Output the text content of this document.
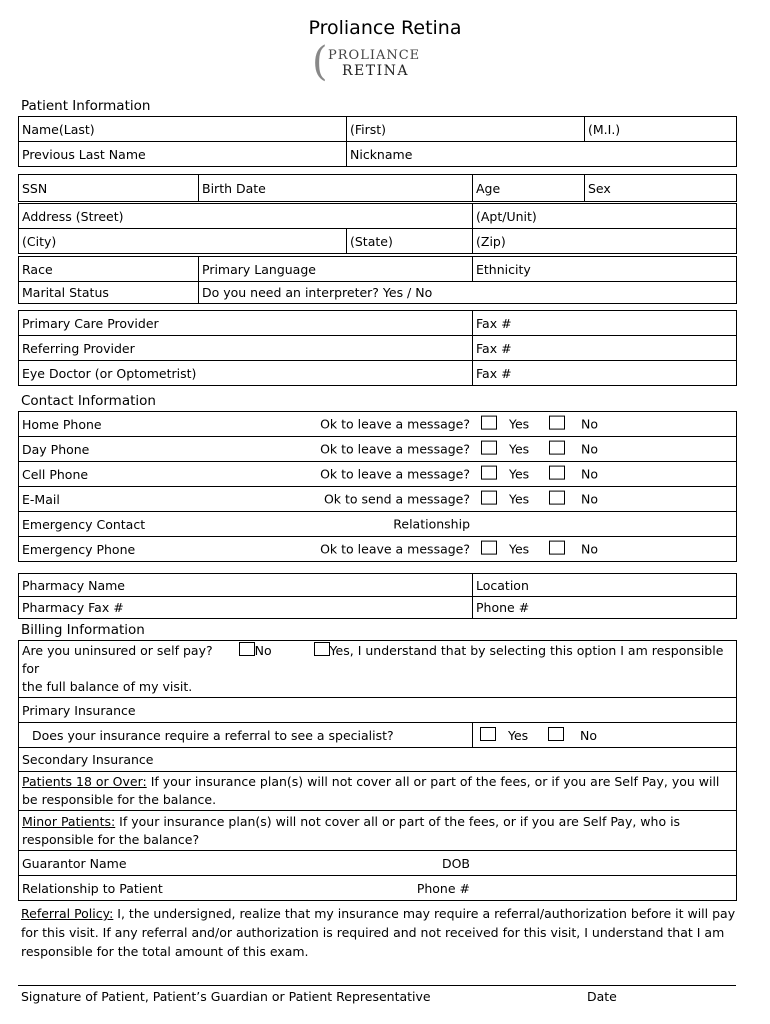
Proliance Retina
( PROLIANCE
RETINA
Patient Information
Name(Last)	(First)	(M.I.)
Previous Last Name	Nickname	
SSN	Birth Date		Age	Sex

Address (Street)			(Apt/Unit)	
(City)		(State)	(Zip)	

Race	Primary Language		Ethnicity	
Marital Status	Do you need an interpreter? Yes / No			
Primary Care Provider	Fax #
Referring Provider	Fax #
Eye Doctor (or Optometrist)	Fax #
Contact Information
Home Phone	Ok to leave a message?	Yes	No

Day Phone	Ok to leave a message?	Yes	No

Cell Phone	Ok to leave a message?	Yes	No

E-Mail	Ok to send a message?	Yes	No

Emergency Contact	Relationship

Emergency Phone	Ok to leave a message?	Yes	No
Pharmacy Name	Location
Pharmacy Fax #	Phone #
Billing Information
Are you uninsured or self pay?	No	Yes, I understand that by selecting this option I am responsible for
the full balance of my visit.
Primary Insurance
Does your insurance require a referral to see a specialist?	Yes	No

Secondary Insurance
Patients 18 or Over: If your insurance plan(s) will not cover all or part of the fees, or if you are Self Pay, you will be responsible for the balance.
Minor Patients: If your insurance plan(s) will not cover all or part of the fees, or if you are Self Pay, who is responsible for the balance?
Guarantor Name	DOB

Relationship to Patient	Phone #
Referral Policy: I, the undersigned, realize that my insurance may require a referral/authorization before it will pay for this visit. If any referral and/or authorization is required and not received for this visit, I understand that I am responsible for the total amount of this exam.
Signature of Patient, Patient’s Guardian or Patient Representative	Date
